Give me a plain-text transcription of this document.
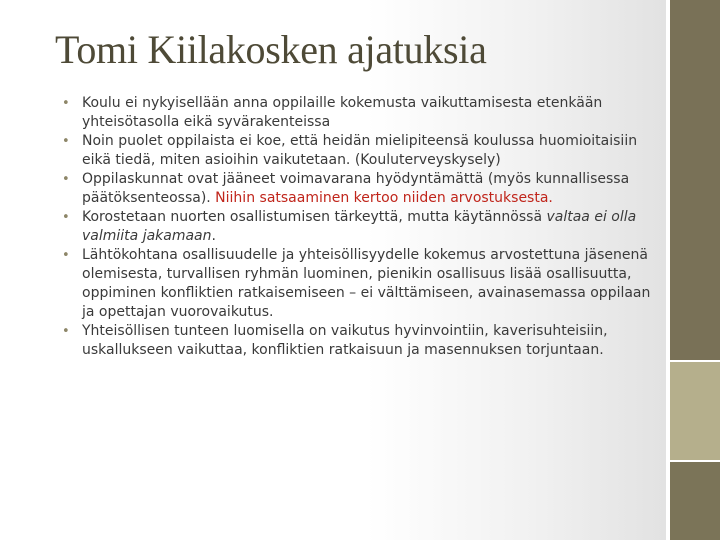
Tomi Kiilakosken ajatuksia
• Koulu ei nykyisellään anna oppilaille kokemusta vaikuttamisesta etenkään yhteisötasolla eikä syvärakenteissa
• Noin puolet oppilaista ei koe, että heidän mielipiteensä koulussa huomioitaisiin eikä tiedä, miten asioihin vaikutetaan. (Kouluterveyskysely)
• Oppilaskunnat ovat jääneet voimavarana hyödyntämättä (myös kunnallisessa päätöksenteossa). Niihin satsaaminen kertoo niiden arvostuksesta.
• Korostetaan nuorten osallistumisen tärkeyttä, mutta käytännössä valtaa ei olla valmiita jakamaan.
• Lähtökohtana osallisuudelle ja yhteisöllisyydelle kokemus arvostettuna jäsenenä olemisesta, turvallisen ryhmän luominen, pienikin osallisuus lisää osallisuutta, oppiminen konfliktien ratkaisemiseen – ei välttämiseen, avainasemassa oppilaan ja opettajan vuorovaikutus.
• Yhteisöllisen tunteen luomisella on vaikutus hyvinvointiin, kaverisuhteisiin, uskallukseen vaikuttaa, konfliktien ratkaisuun ja masennuksen torjuntaan.
